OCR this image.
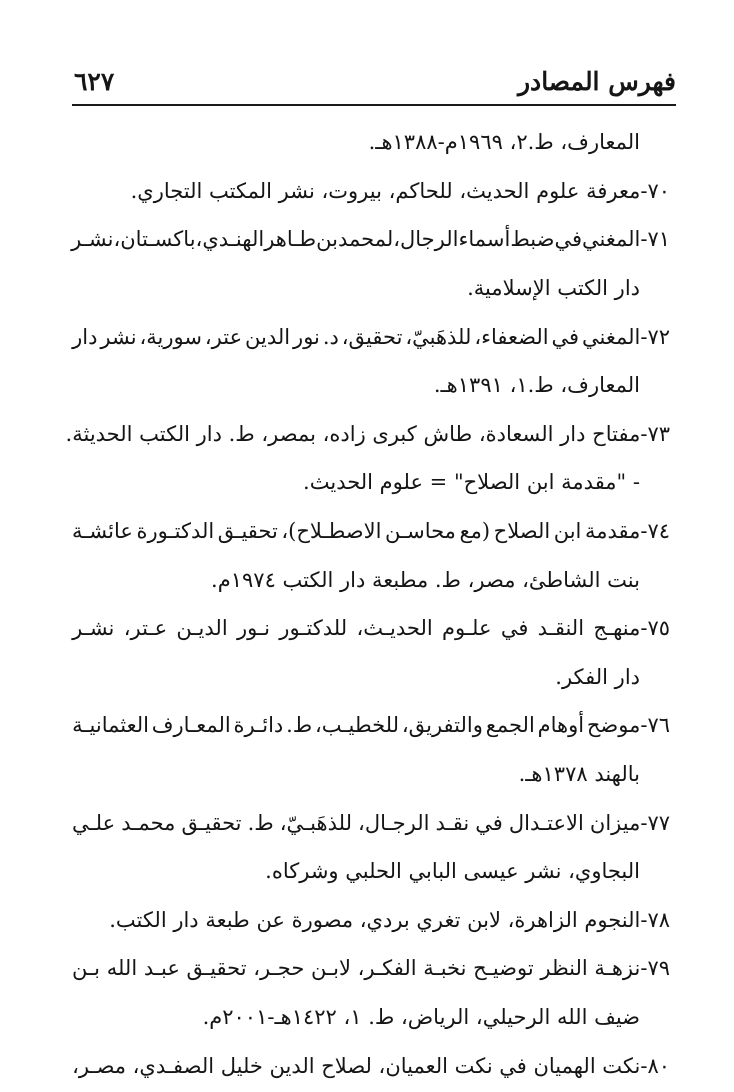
فهرس المصادر
٦٢٧
المعارف، ط.٢، ١٩٦٩م-١٣٨٨هـ.
٧٠-معرفة علوم الحديث، للحاكم، بيروت، نشر المكتب التجاري.
٧١-المغني
في
ضبط
أسماء
الرجال،
لمحمد
بن
طـاهر
الهنـدي،
باكسـتان،
نشـر
دار الكتب الإسلامية.
٧٢-المغني
في
الضعفاء،
للذهَبيّ،
تحقيق،
د.
نور
الدين
عتر،
سورية،
نشر
دار
المعارف، ط.١، ١٣٩١هـ.
٧٣-مفتاح دار السعادة، طاش كبرى زاده، بمصر، ط. دار الكتب الحديثة.
- "مقدمة ابن الصلاح" = علوم الحديث.
٧٤-مقدمة
ابن
الصلاح
(مع
محاسـن
الاصطـلاح)،
تحقيـق
الدكتـورة
عائشـة
بنت الشاطئ، مصر، ط. مطبعة دار الكتب ١٩٧٤م.
٧٥-منهـج
النقـد
في
علـوم
الحديـث،
للدكتـور
نـور
الديـن
عـتر،
نشـر
دار الفكر.
٧٦-موضح
أوهام
الجمع
والتفريق،
للخطيـب،
ط.
دائـرة
المعـارف
العثمانيـة
بالهند ١٣٧٨هـ.
٧٧-ميزان
الاعتـدال
في
نقـد
الرجـال،
للذهَبـيّ،
ط.
تحقيـق
محمـد
علـي
البجاوي، نشر عيسى البابي الحلبي وشركاه.
٧٨-النجوم الزاهرة، لابن تغري بردي، مصورة عن طبعة دار الكتب.
٧٩-نزهـة
النظر
توضيـح
نخبـة
الفكـر،
لابـن
حجـر،
تحقيـق
عبـد
الله
بـن
ضيف الله الرحيلي، الرياض، ط. ١، ١٤٢٢هـ-٢٠٠١م.
٨٠-نكت
الهميان
في
نكت
العميان،
لصلاح
الدين
خليل
الصفـدي،
مصـر،
